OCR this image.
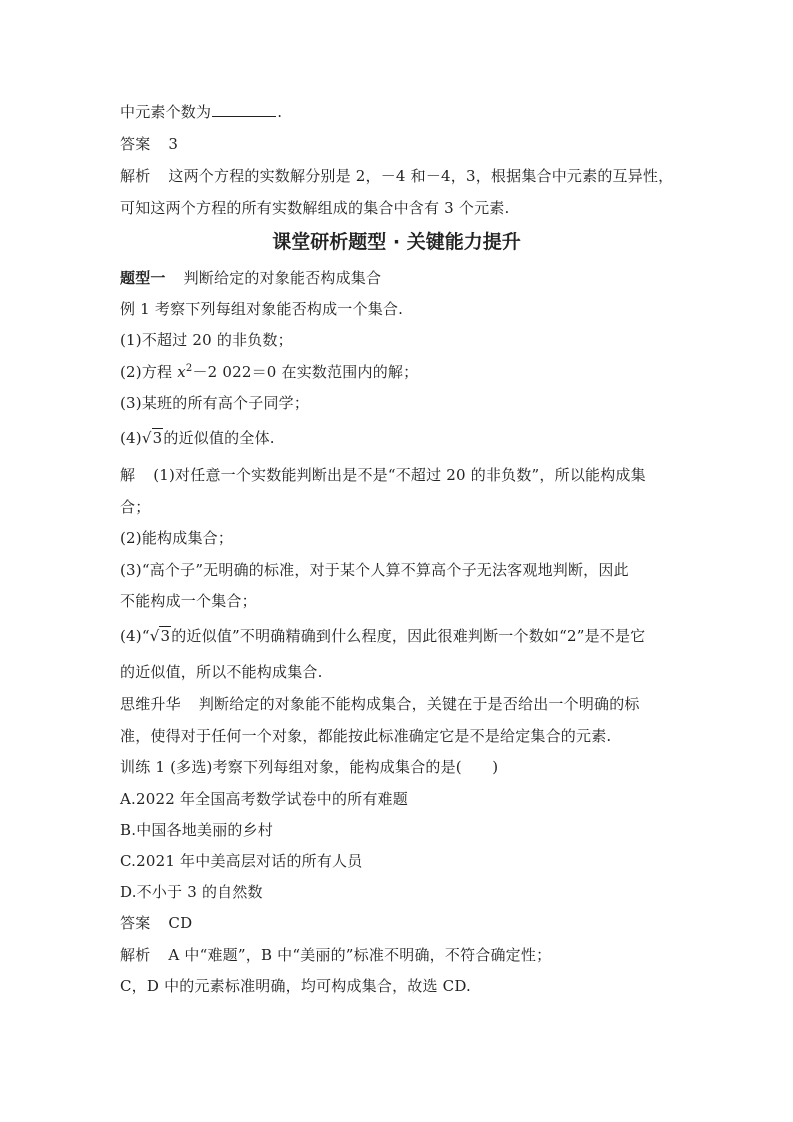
中元素个数为	.
答案 3
解析 这两个方程的实数解分别是 2，－4 和－4，3，根据集合中元素的互异性，
可知这两个方程的所有实数解组成的集合中含有 3 个元素.
课堂研析题型 · 关键能力提升
题型一 判断给定的对象能否构成集合
例 1 考察下列每组对象能否构成一个集合.
(1)不超过 20 的非负数；
(2)方程 $x^2-2$ 022＝0 在实数范围内的解；
(3)某班的所有高个子同学；
(4)√3的近似值的全体.
解 (1)对任意一个实数能判断出是不是“不超过 20 的非负数”，所以能构成集
合；
(2)能构成集合；
(3)“高个子”无明确的标准，对于某个人算不算高个子无法客观地判断，因此
不能构成一个集合；
(4)“√3的近似值”不明确精确到什么程度，因此很难判断一个数如“2”是不是它
的近似值，所以不能构成集合.
思维升华 判断给定的对象能不能构成集合，关键在于是否给出一个明确的标
准，使得对于任何一个对象，都能按此标准确定它是不是给定集合的元素.
训练 1 (多选)考察下列每组对象，能构成集合的是(　　)
A.2022 年全国高考数学试卷中的所有难题
B.中国各地美丽的乡村
C.2021 年中美高层对话的所有人员
D.不小于 3 的自然数
答案 CD
解析 A 中“难题”，B 中“美丽的”标准不明确，不符合确定性；
C，D 中的元素标准明确，均可构成集合，故选 CD.
